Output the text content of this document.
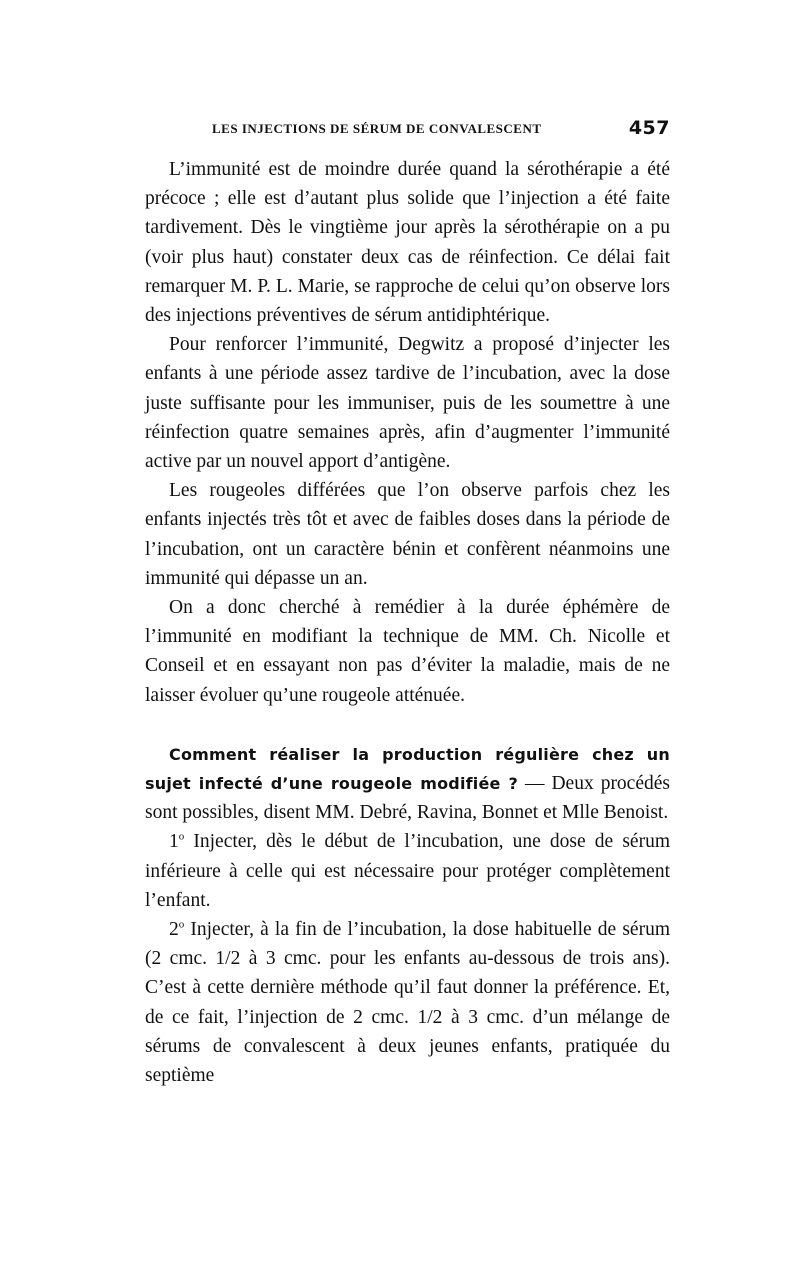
LES INJECTIONS DE SÉRUM DE CONVALESCENT	457

L’immunité est de moindre durée quand la sérothérapie a été précoce ; elle est d’autant plus solide que l’injection a été faite tardivement. Dès le vingtième jour après la sérothérapie on a pu (voir plus haut) constater deux cas de réinfection. Ce délai fait remarquer M. P. L. Marie, se rapproche de celui qu’on observe lors des injections préventives de sérum antidiphtérique.

Pour renforcer l’immunité, Degwitz a proposé d’injecter les enfants à une période assez tardive de l’incubation, avec la dose juste suffisante pour les immuniser, puis de les soumettre à une réinfection quatre semaines après, afin d’augmenter l’immunité active par un nouvel apport d’antigène.

Les rougeoles différées que l’on observe parfois chez les enfants injectés très tôt et avec de faibles doses dans la période de l’incubation, ont un caractère bénin et confèrent néanmoins une immunité qui dépasse un an.

On a donc cherché à remédier à la durée éphémère de l’immunité en modifiant la technique de MM. Ch. Nicolle et Conseil et en essayant non pas d’éviter la maladie, mais de ne laisser évoluer qu’une rougeole atténuée.

Comment réaliser la production régulière chez un sujet infecté d’une rougeole modifiée ? — Deux procédés sont possibles, disent MM. Debré, Ravina, Bonnet et Mlle Benoist.

1$^o$ Injecter, dès le début de l’incubation, une dose de sérum inférieure à celle qui est nécessaire pour protéger complètement l’enfant.

2$^o$ Injecter, à la fin de l’incubation, la dose habituelle de sérum (2 cmc. 1/2 à 3 cmc. pour les enfants au-dessous de trois ans). C’est à cette dernière méthode qu’il faut donner la préférence. Et, de ce fait, l’injection de 2 cmc. 1/2 à 3 cmc. d’un mélange de sérums de convalescent à deux jeunes enfants, pratiquée du septième
